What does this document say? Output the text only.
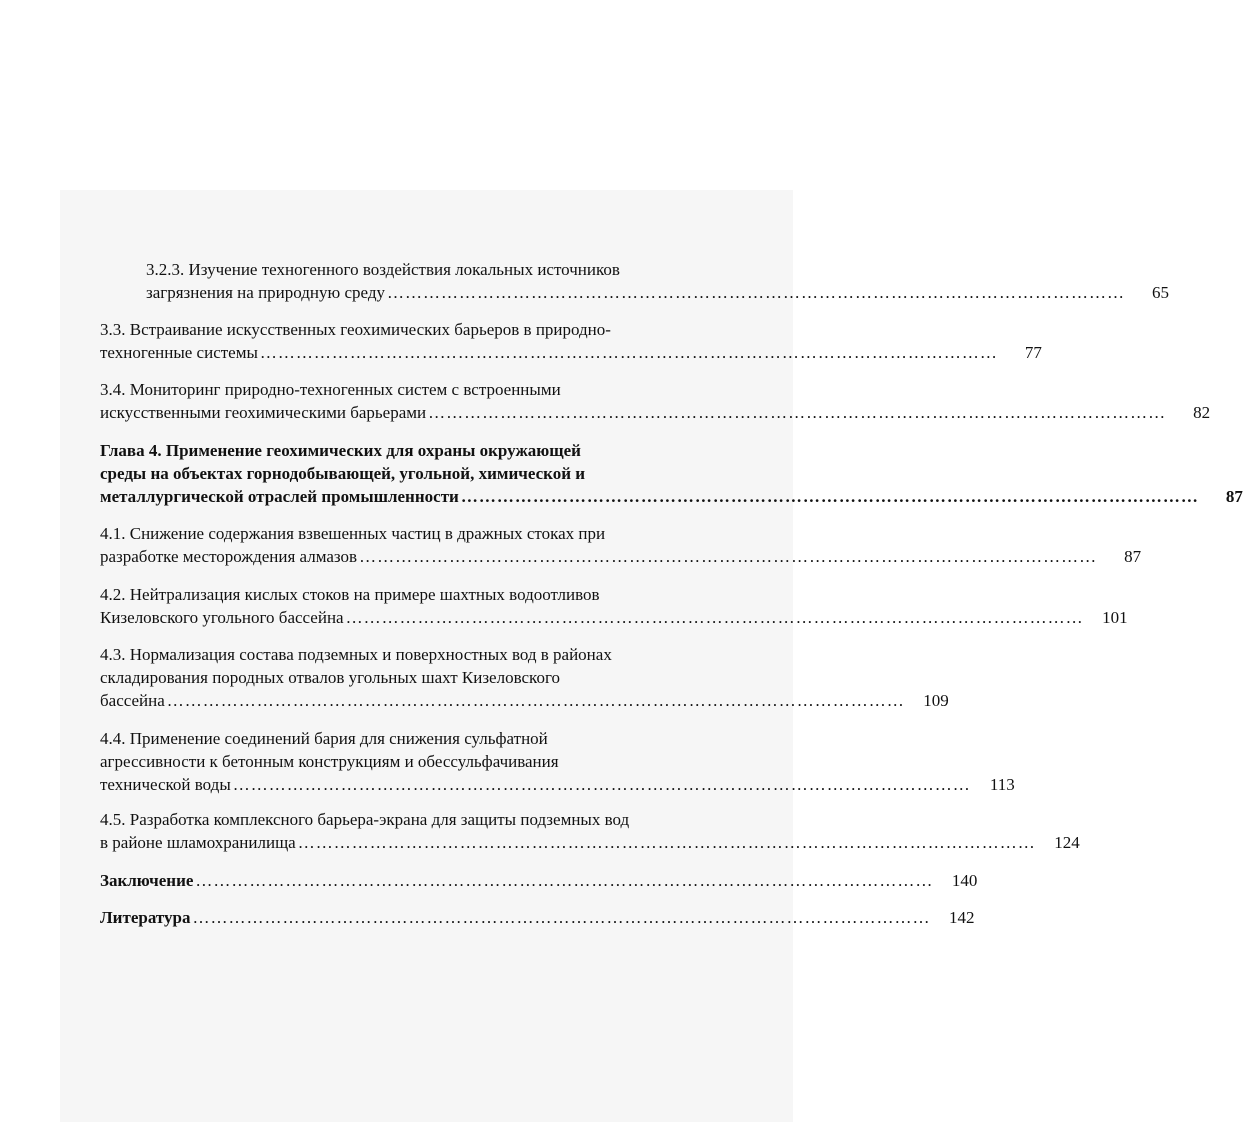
3.2.3. Изучение техногенного воздействия локальных источников
загрязнения на природную среду ……………………………………………………………………………………………………………	65
3.3. Встраивание искусственных геохимических барьеров в природно-
техногенные системы ……………………………………………………………………………………………………………	77
3.4. Мониторинг природно-техногенных систем с встроенными
искусственными геохимическими барьерами ……………………………………………………………………………………………………………	82
Глава 4. Применение геохимических для охраны окружающей
среды на объектах горнодобывающей, угольной, химической и
металлургической отраслей промышленности ……………………………………………………………………………………………………………	87
4.1. Снижение содержания взвешенных частиц в дражных стоках при
разработке месторождения алмазов ……………………………………………………………………………………………………………	87
4.2. Нейтрализация кислых стоков на примере шахтных водоотливов
Кизеловского угольного бассейна ……………………………………………………………………………………………………………	101
4.3. Нормализация состава подземных и поверхностных вод в районах
складирования породных отвалов угольных шахт Кизеловского
бассейна ……………………………………………………………………………………………………………	109
4.4. Применение соединений бария для снижения сульфатной
агрессивности к бетонным конструкциям и обессульфачивания
технической воды ……………………………………………………………………………………………………………	113
4.5. Разработка комплексного барьера-экрана для защиты подземных вод
в районе шламохранилища ……………………………………………………………………………………………………………	124
Заключение ……………………………………………………………………………………………………………	140
Литература ……………………………………………………………………………………………………………	142
